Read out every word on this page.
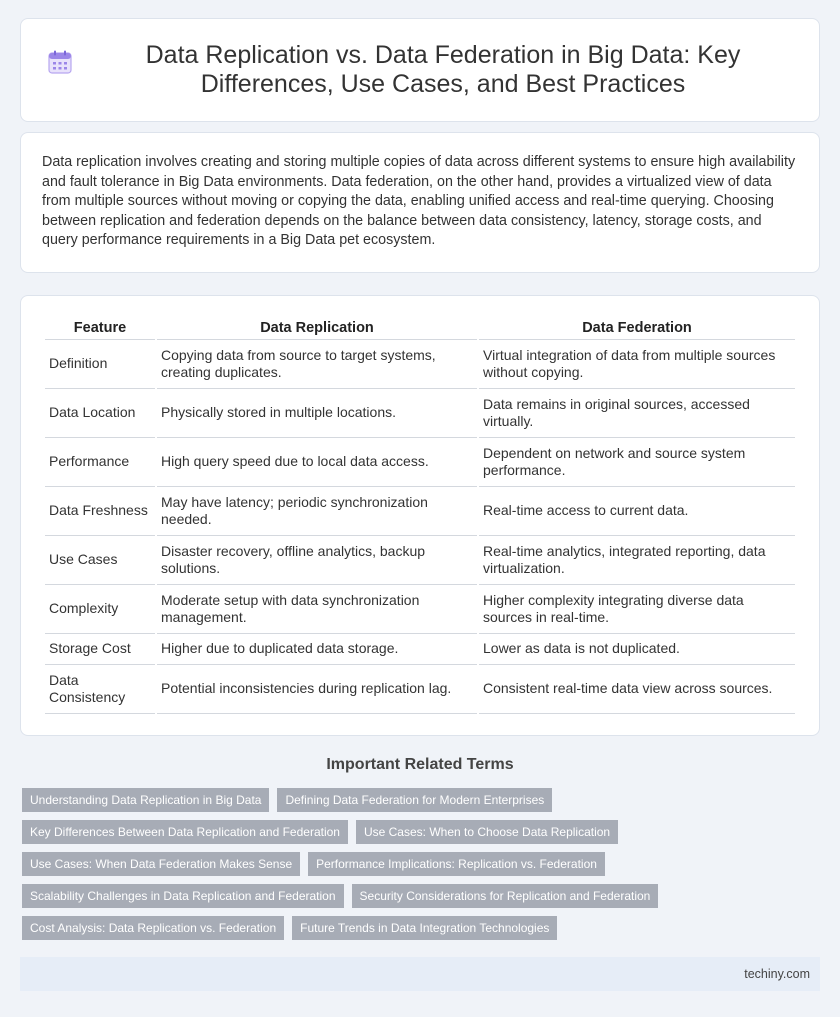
Data Replication vs. Data Federation in Big Data: Key Differences, Use Cases, and Best Practices

Data replication involves creating and storing multiple copies of data across different systems to ensure high availability and fault tolerance in Big Data environments. Data federation, on the other hand, provides a virtualized view of data from multiple sources without moving or copying the data, enabling unified access and real-time querying. Choosing between replication and federation depends on the balance between data consistency, latency, storage costs, and query performance requirements in a Big Data pet ecosystem.

Feature	Data Replication	Data Federation
Definition	Copying data from source to target systems, creating duplicates.	Virtual integration of data from multiple sources without copying.
Data Location	Physically stored in multiple locations.	Data remains in original sources, accessed virtually.
Performance	High query speed due to local data access.	Dependent on network and source system performance.
Data Freshness	May have latency; periodic synchronization needed.	Real-time access to current data.
Use Cases	Disaster recovery, offline analytics, backup solutions.	Real-time analytics, integrated reporting, data virtualization.
Complexity	Moderate setup with data synchronization management.	Higher complexity integrating diverse data sources in real-time.
Storage Cost	Higher due to duplicated data storage.	Lower as data is not duplicated.
Data Consistency	Potential inconsistencies during replication lag.	Consistent real-time data view across sources.
Important Related Terms
Understanding Data Replication in Big Data	Defining Data Federation for Modern Enterprises
Key Differences Between Data Replication and Federation	Use Cases: When to Choose Data Replication
Use Cases: When Data Federation Makes Sense	Performance Implications: Replication vs. Federation
Scalability Challenges in Data Replication and Federation	Security Considerations for Replication and Federation
Cost Analysis: Data Replication vs. Federation	Future Trends in Data Integration Technologies
techiny.com
